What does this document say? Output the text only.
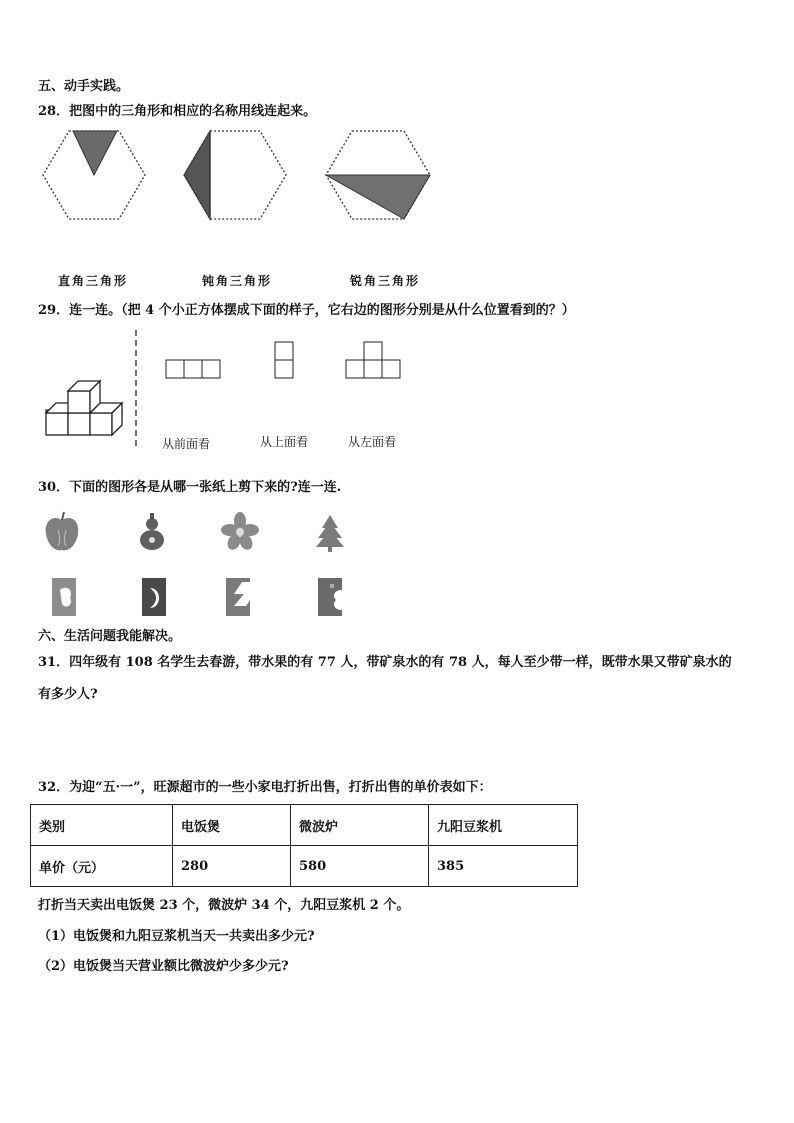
五、动手实践。
28．把图中的三角形和相应的名称用线连起来。
直角三角形	钝角三角形	锐角三角形
29．连一连。（把 4 个小正方体摆成下面的样子，它右边的图形分别是从什么位置看到的？）
从前面看	从上面看	从左面看
30．下面的图形各是从哪一张纸上剪下来的?连一连.
六、生活问题我能解决。
31．四年级有 108 名学生去春游，带水果的有 77 人，带矿泉水的有 78 人，每人至少带一样，既带水果又带矿泉水的
有多少人?
32．为迎“五·一”，旺源超市的一些小家电打折出售，打折出售的单价表如下：
类别	电饭煲	微波炉	九阳豆浆机
单价（元）	280	580	385
打折当天卖出电饭煲 23 个，微波炉 34 个，九阳豆浆机 2 个。
（1）电饭煲和九阳豆浆机当天一共卖出多少元?
（2）电饭煲当天营业额比微波炉少多少元?
